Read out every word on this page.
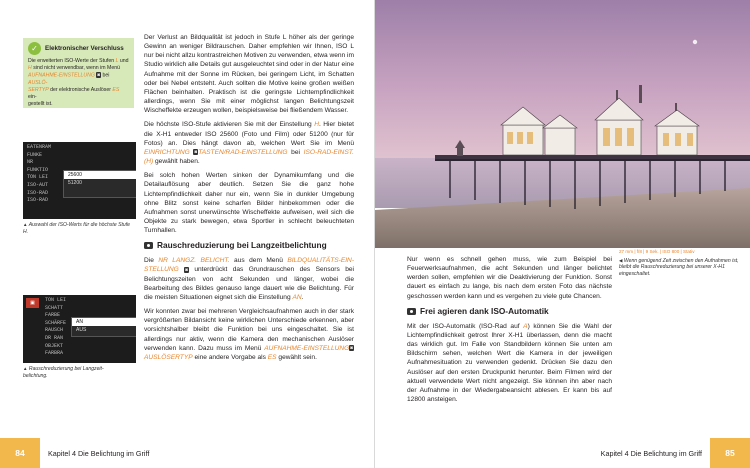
✓	Elektronischer Verschluss
Die erweiterten ISO-Werte der Stufen L und
H sind nicht verwendbar, wenn im Menü
AUFNAHME-EINSTELLUNG ◙ bei AUSLÖ-
SERTYP der elektronische Auslöser ES ein-
gestellt ist.
EATENRAM
FUNKE
NR
FUNKTIO
TON LEI
ISO-AUT
ISO-RAD
ISO-RAD
25600
51200
▲ Auswahl der ISO-Werts für die höchste Stufe H.
TON LEI
SCHATT
FARBE
SCHÄRFE
RAUSCH
DR RAN
OBJEKT
FARBRA
▣
AN
AUS
▲ Rauschreduzierung bei Langzeit-belichtung.

Der Verlust an Bildqualität ist jedoch in Stufe L höher als der geringe Gewinn an weniger Bildrauschen. Daher empfehlen wir Ihnen, ISO L nur bei nicht allzu kontrastreichen Motiven zu verwenden, etwa wenn im Studio wirklich alle Details gut ausgeleuchtet sind oder in der Natur eine Aufnahme mit der Sonne im Rücken, bei geringem Licht, im Schatten oder bei Nebel entsteht. Auch sollten die Motive keine großen weißen Flächen beinhalten. Praktisch ist die geringste Lichtempfindlichkeit allerdings, wenn Sie mit einer möglichst langen Belichtungszeit Wischeffekte erzeugen wollen, beispielsweise bei fließendem Wasser.

Die höchste ISO-Stufe aktivieren Sie mit der Einstellung H. Hier bietet die X-H1 entweder ISO 25600 (Foto und Film) oder 51200 (nur für Fotos) an. Dies hängt davon ab, welchen Wert Sie im Menü EINRICHTUNG ◙TASTEN/RAD-EINSTELLUNG bei ISO-RAD-EINST. (H) gewählt haben.

Bei solch hohen Werten sinken der Dynamikumfang und die Detailauflösung aber deutlich. Setzen Sie die ganz hohe Lichtempfindlichkeit daher nur ein, wenn Sie in dunkler Umgebung ohne Blitz sonst keine scharfen Bilder hinbekommen oder die Aufnahmen sonst unerwünschte Wischeffekte aufweisen, weil sich die Objekte zu stark bewegen, etwa Sportler in schlecht beleuchteten Turnhallen.

Rauschreduzierung bei Langzeitbelichtung

Die NR LANGZ. BELICHT. aus dem Menü BILDQUALITÄTS-EIN-STELLUNG ◙ unterdrückt das Grundrauschen des Sensors bei Belichtungszeiten von acht Sekunden und länger, wobei die Bearbeitung des Bildes genauso lange dauert wie die Belichtung. Für die meisten Situationen eignet sich die Einstellung AN.

Wir konnten zwar bei mehreren Vergleichsaufnahmen auch in der stark vergrößerten Bildansicht keine wirklichen Unterschiede erkennen, aber vorsichtshalber bleibt die Funktion bei uns eingeschaltet. Sie ist allerdings nur aktiv, wenn die Kamera den mechanischen Auslöser verwenden kann. Dazu muss im Menü AUFNAHME-EINSTELLUNG◙AUSLÖSERTYP eine andere Vorgabe als ES gewählt sein.

84	Kapitel 4 Die Belichtung im Griff
27 mm | f/8 | 9 Sek. | ISO 800 | Stativ
◀ Wenn genügend Zeit zwischen den Aufnahmen ist, bleibt die Rauschreduzierung bei unserer X-H1 eingeschaltet.

Nur wenn es schnell gehen muss, wie zum Beispiel bei Feuerwerksaufnahmen, die acht Sekunden und länger belichtet werden sollen, empfehlen wir die Deaktivierung der Funktion. Sonst dauert es einfach zu lange, bis nach dem ersten Foto das nächste geschossen werden kann und es vergehen zu viele gute Chancen.

Frei agieren dank ISO-Automatik

Mit der ISO-Automatik (ISO-Rad auf A) können Sie die Wahl der Lichtempfindlichkeit getrost Ihrer X-H1 überlassen, denn die macht das wirklich gut. Im Falle von Standbildern können Sie unten am Bildschirm sehen, welchen Wert die Kamera in der jeweiligen Aufnahmesituation zu verwenden gedenkt. Drücken Sie dazu den Auslöser auf den ersten Druckpunkt herunter. Beim Filmen wird der aktuell verwendete Wert nicht angezeigt. Sie können ihn aber nach der Aufnahme in der Wiedergabeansicht ablesen. Er kann bis auf 12800 ansteigen.

Kapitel 4 Die Belichtung im Griff	85
